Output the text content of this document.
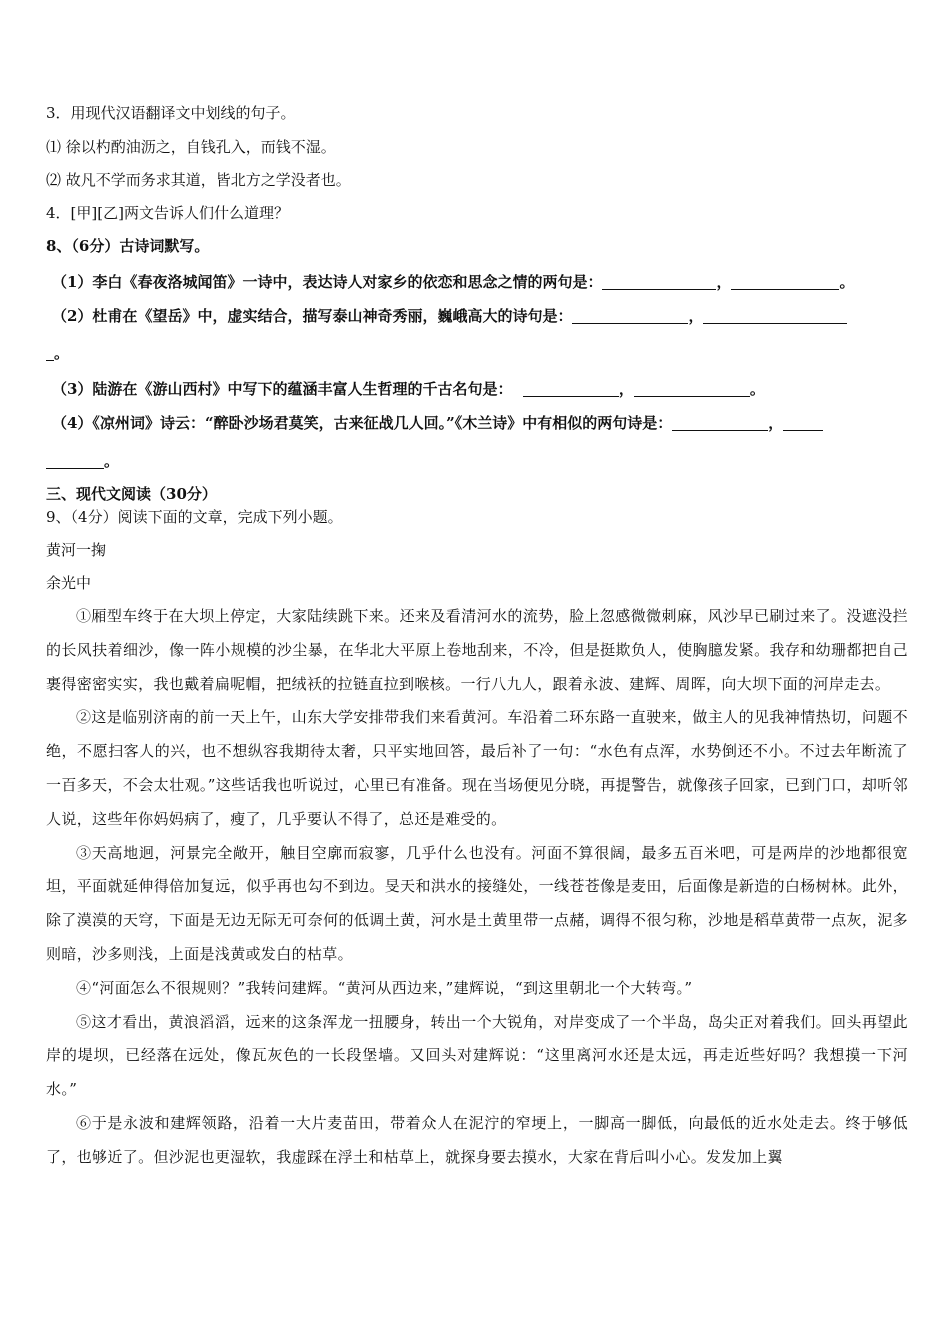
3．用现代汉语翻译文中划线的句子。
⑴ 徐以杓酌油沥之，自钱孔入，而钱不湿。
⑵ 故凡不学而务求其道，皆北方之学没者也。
4．[甲][乙]两文告诉人们什么道理？
8、（6分）古诗词默写。
（1）李白《春夜洛城闻笛》一诗中，表达诗人对家乡的依恋和思念之情的两句是：	，	。
（2）杜甫在《望岳》中，虚实结合，描写泰山神奇秀丽，巍峨高大的诗句是：	，
。
（3）陆游在《游山西村》中写下的蕴涵丰富人生哲理的千古名句是：	，	。
（4）《凉州词》诗云：“醉卧沙场君莫笑，古来征战几人回。”《木兰诗》中有相似的两句诗是：	，
。
三、现代文阅读（30分）
9、（4分）阅读下面的文章，完成下列小题。
黄河一掬
余光中

①厢型车终于在大坝上停定，大家陆续跳下来。还来及看清河水的流势，脸上忽感微微刺麻，风沙早已刷过来了。没遮没拦的长风扶着细沙，像一阵小规模的沙尘暴，在华北大平原上卷地刮来，不冷，但是挺欺负人，使胸臆发紧。我存和幼珊都把自己裹得密密实实，我也戴着扁呢帽，把绒袄的拉链直拉到喉核。一行八九人，跟着永波、建辉、周晖，向大坝下面的河岸走去。

②这是临别济南的前一天上午，山东大学安排带我们来看黄河。车沿着二环东路一直驶来，做主人的见我神情热切，问题不绝，不愿扫客人的兴，也不想纵容我期待太奢，只平实地回答，最后补了一句：“水色有点浑，水势倒还不小。不过去年断流了一百多天，不会太壮观。”这些话我也听说过，心里已有准备。现在当场便见分晓，再提警告，就像孩子回家，已到门口，却听邻人说，这些年你妈妈病了，瘦了，几乎要认不得了，总还是难受的。

③天高地迥，河景完全敞开，触目空廓而寂寥，几乎什么也没有。河面不算很阔，最多五百米吧，可是两岸的沙地都很宽坦，平面就延伸得倍加复远，似乎再也勾不到边。旻天和洪水的接缝处，一线苍苍像是麦田，后面像是新造的白杨树林。此外，除了漠漠的天穹，下面是无边无际无可奈何的低调土黄，河水是土黄里带一点赭，调得不很匀称，沙地是稻草黄带一点灰，泥多则暗，沙多则浅，上面是浅黄或发白的枯草。

④“河面怎么不很规则？”我转问建辉。“黄河从西边来，”建辉说，“到这里朝北一个大转弯。”

⑤这才看出，黄浪滔滔，远来的这条浑龙一扭腰身，转出一个大锐角，对岸变成了一个半岛，岛尖正对着我们。回头再望此岸的堤坝，已经落在远处，像瓦灰色的一长段堡墙。又回头对建辉说：“这里离河水还是太远，再走近些好吗？我想摸一下河水。”

⑥于是永波和建辉领路，沿着一大片麦苗田，带着众人在泥泞的窄埂上，一脚高一脚低，向最低的近水处走去。终于够低了，也够近了。但沙泥也更湿软，我虚踩在浮土和枯草上，就探身要去摸水，大家在背后叫小心。发发加上翼
